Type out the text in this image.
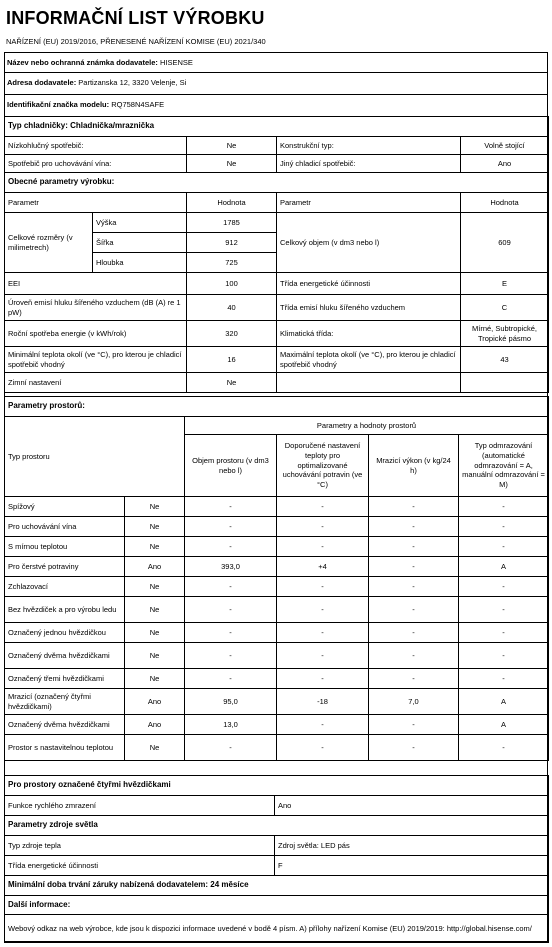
INFORMAČNÍ LIST VÝROBKU
NAŘÍZENÍ (EU) 2019/2016, PŘENESENÉ NAŘÍZENÍ KOMISE (EU) 2021/340
Název nebo ochranná známka dodavatele: HISENSE
Adresa dodavatele: Partizanska 12, 3320 Velenje, Si
Identifikační značka modelu: RQ758N4SAFE
Typ chladničky: Chladnička/mraznička				
Nízkohlučný spotřebič:		Ne	Konstrukční typ:	Volně stojící
Spotřebič pro uchovávání vína:		Ne	Jiný chladicí spotřebič:	Ano
Obecné parametry výrobku:				
Parametr		Hodnota	Parametr	Hodnota
Celkové rozměry (v milimetrech)	Výška	1785	Celkový objem (v dm3 nebo l)	609
	Šířka	912		
	Hloubka	725		
EEI		100	Třída energetické účinnosti	E
Úroveň emisí hluku šířeného vzduchem (dB (A) re 1 pW)		40	Třída emisí hluku šířeného vzduchem	C
Roční spotřeba energie (v kWh/rok)		320	Klimatická třída:	Mírné, Subtropické, Tropické pásmo
Minimální teplota okolí (ve °C), pro kterou je chladicí spotřebič vhodný		16	Maximální teplota okolí (ve °C), pro kterou je chladicí spotřebič vhodný	43
Zimní nastavení		Ne		
Parametry prostorů:					
Typ prostoru		Parametry a hodnoty prostorů			
		Objem prostoru (v dm3 nebo l)	Doporučené nastavení teploty pro optimalizované uchovávání potravin (ve °C)	Mrazicí výkon (v kg/24 h)	Typ odmrazování (automatické odmrazování = A, manuální odmrazování = M)
Spížový	Ne	-	-	-	-
Pro uchovávání vína	Ne	-	-	-	-
S mírnou teplotou	Ne	-	-	-	-
Pro čerstvé potraviny	Ano	393,0	+4	-	A
Zchlazovací	Ne	-	-	-	-
Bez hvězdiček a pro výrobu ledu	Ne	-	-	-	-
Označený jednou hvězdičkou	Ne	-	-	-	-
Označený dvěma hvězdičkami	Ne	-	-	-	-
Označený třemi hvězdičkami	Ne	-	-	-	-
Mrazicí (označený čtyřmi hvězdičkami)	Ano	95,0	-18	7,0	A
Označený dvěma hvězdičkami	Ano	13,0	-	-	A
Prostor s nastavitelnou teplotou	Ne	-	-	-	-
Pro prostory označené čtyřmi hvězdičkami	
Funkce rychlého zmrazení	Ano
Parametry zdroje světla	
Typ zdroje tepla	Zdroj světla: LED pás
Třída energetické účinnosti	F
Minimální doba trvání záruky nabízená dodavatelem: 24 měsíce	
Další informace:	
Webový odkaz na web výrobce, kde jsou k dispozici informace uvedené v bodě 4 písm. A) přílohy nařízení Komise (EU) 2019/2019: http://global.hisense.com/	
